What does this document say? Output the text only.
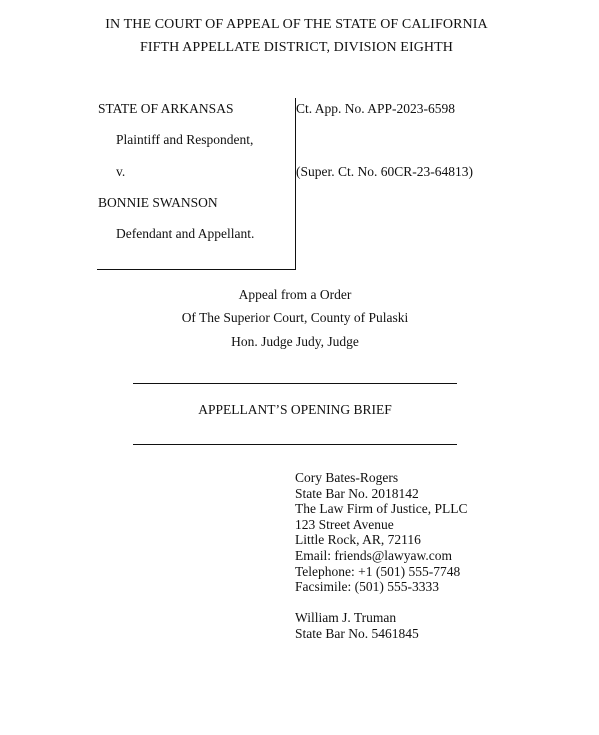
IN THE COURT OF APPEAL OF THE STATE OF CALIFORNIA
FIFTH APPELLATE DISTRICT, DIVISION EIGHTH
STATE OF ARKANSAS
Plaintiff and Respondent,
v.
BONNIE SWANSON
Defendant and Appellant.
Ct. App. No. APP-2023-6598
(Super. Ct. No. 60CR-23-64813)
Appeal from a Order
Of The Superior Court, County of Pulaski
Hon. Judge Judy, Judge
APPELLANT’S OPENING BRIEF
Cory Bates-Rogers
State Bar No. 2018142
The Law Firm of Justice, PLLC
123 Street Avenue
Little Rock, AR, 72116
Email: friends@lawyaw.com
Telephone: +1 (501) 555-7748
Facsimile: (501) 555-3333
William J. Truman
State Bar No. 5461845
